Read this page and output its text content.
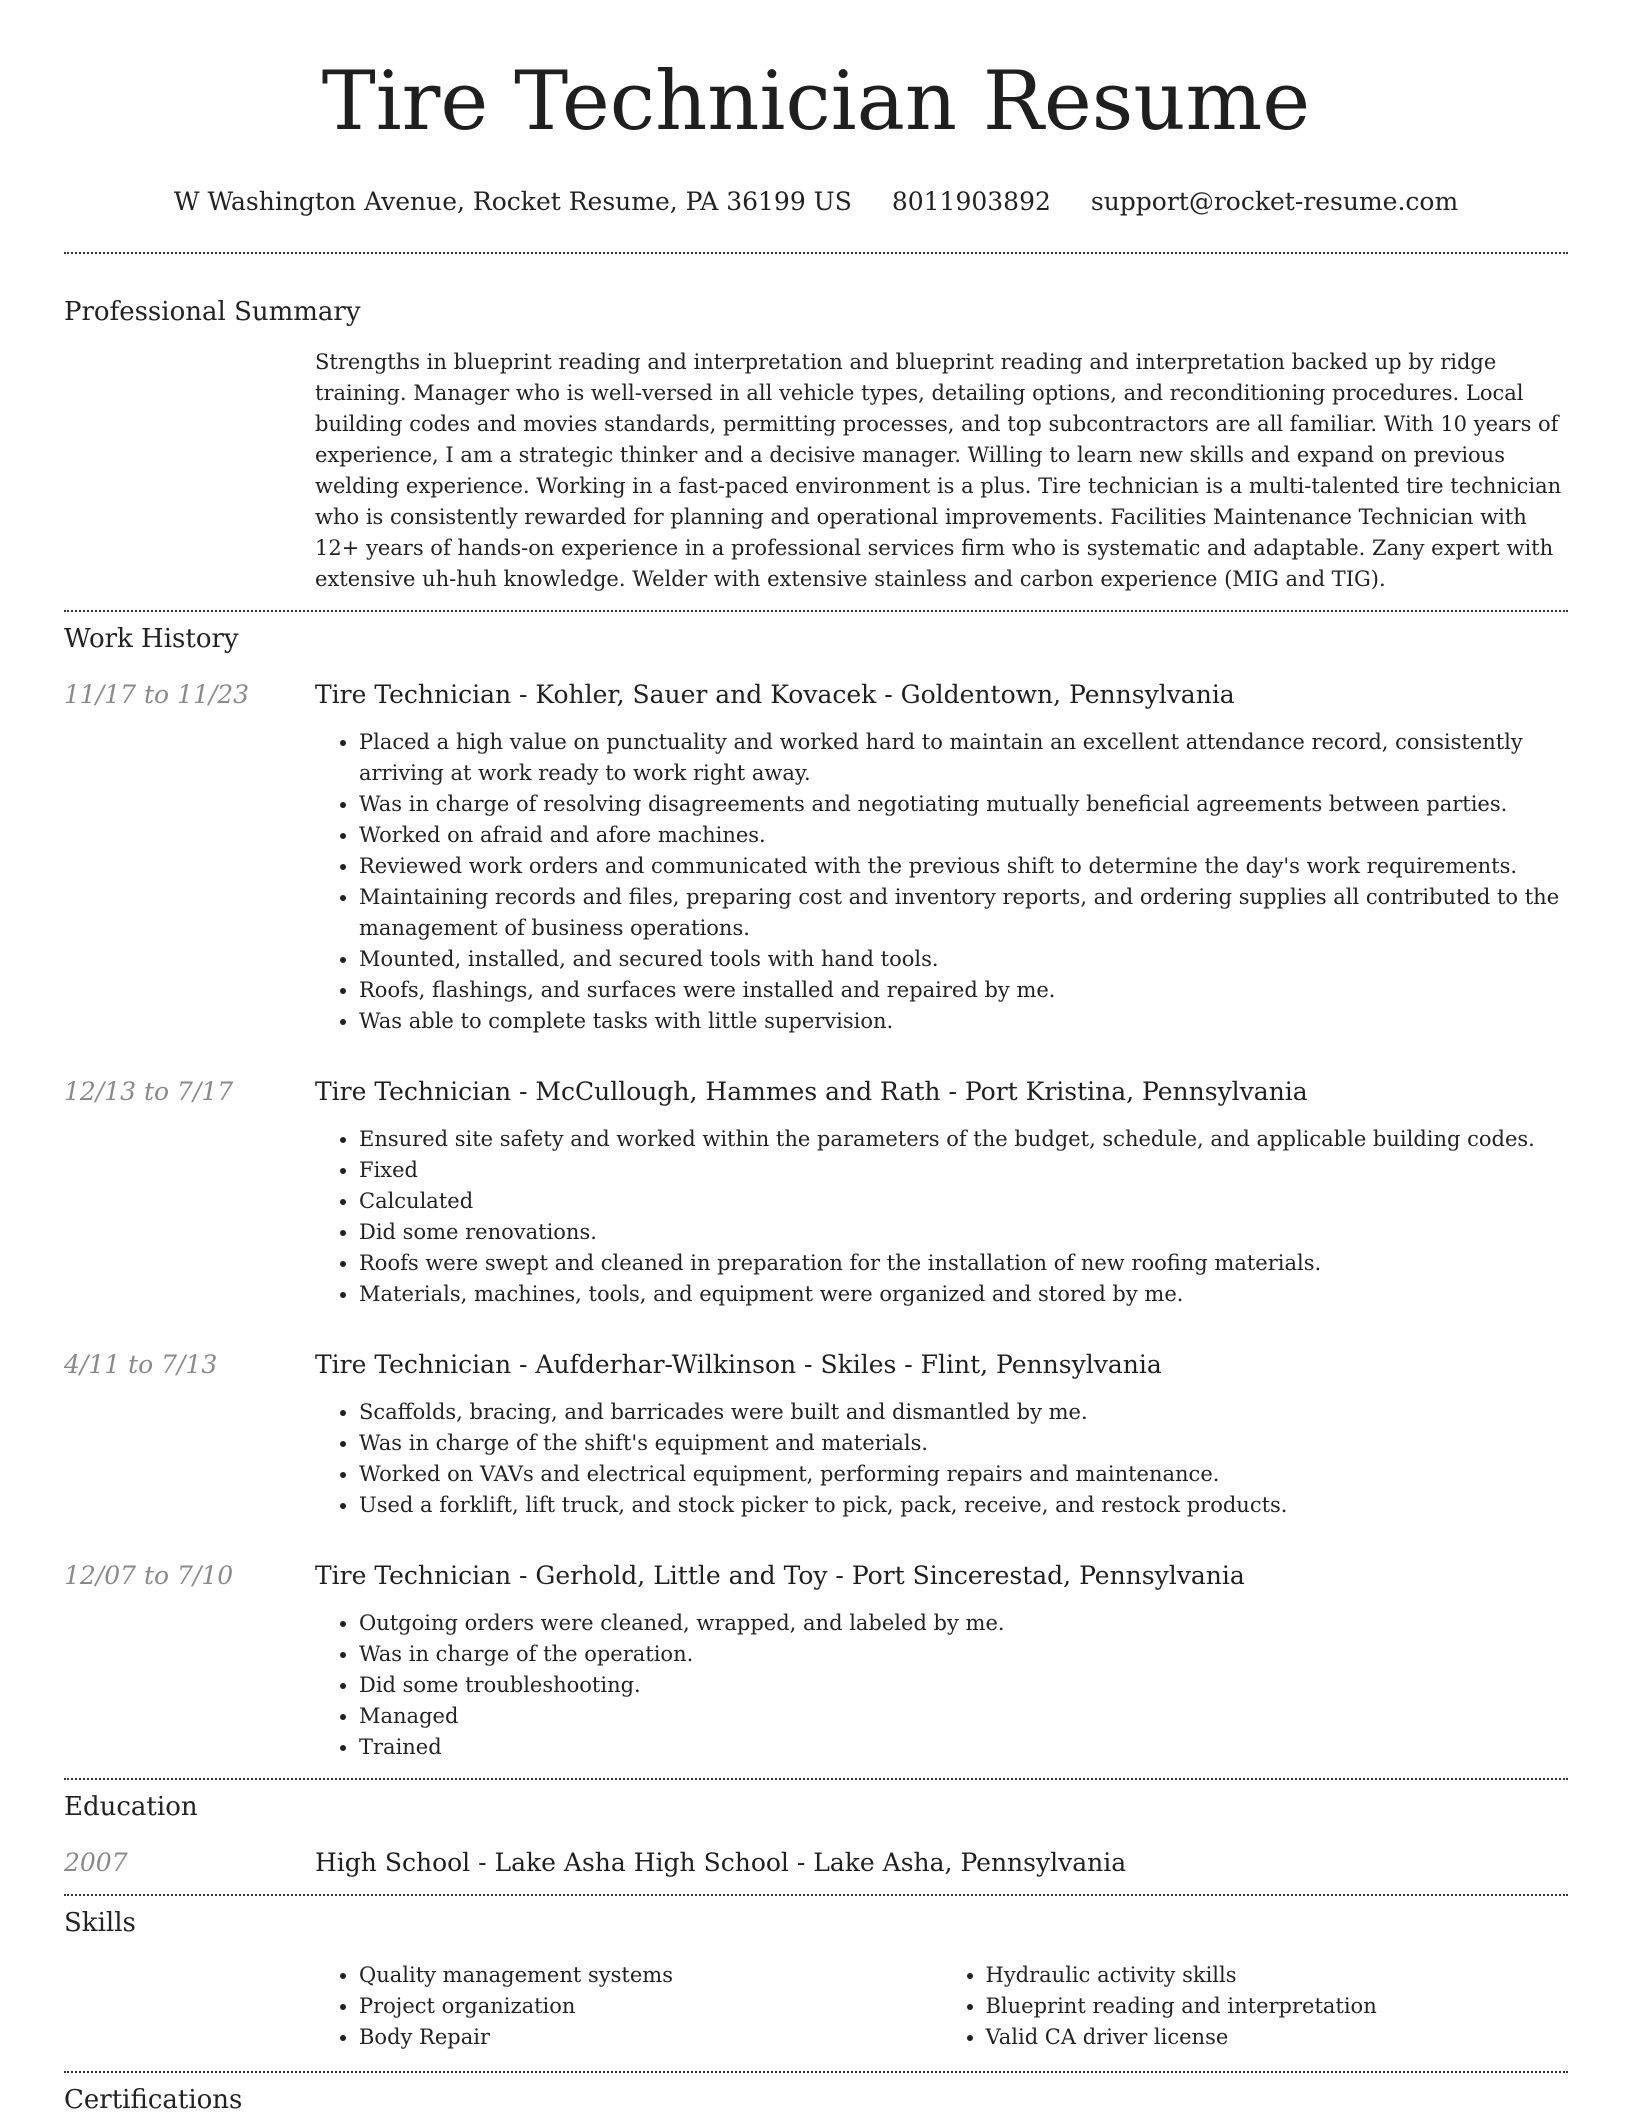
Tire Technician Resume
W Washington Avenue, Rocket Resume, PA 36199 US 8011903892 support@rocket-resume.com
Professional Summary

Strengths in blueprint reading and interpretation and blueprint reading and interpretation backed up by ridge training. Manager who is well-versed in all vehicle types, detailing options, and reconditioning procedures. Local building codes and movies standards, permitting processes, and top subcontractors are all familiar. With 10 years of experience, I am a strategic thinker and a decisive manager. Willing to learn new skills and expand on previous welding experience. Working in a fast-paced environment is a plus. Tire technician is a multi-talented tire technician who is consistently rewarded for planning and operational improvements. Facilities Maintenance Technician with 12+ years of hands-on experience in a professional services firm who is systematic and adaptable. Zany expert with extensive uh-huh knowledge. Welder with extensive stainless and carbon experience (MIG and TIG).

Work History
11/17 to 11/23	Tire Technician - Kohler, Sauer and Kovacek - Goldentown, Pennsylvania
• Placed a high value on punctuality and worked hard to maintain an excellent attendance record, consistently arriving at work ready to work right away.
• Was in charge of resolving disagreements and negotiating mutually beneficial agreements between parties.
• Worked on afraid and afore machines.
• Reviewed work orders and communicated with the previous shift to determine the day's work requirements.
• Maintaining records and files, preparing cost and inventory reports, and ordering supplies all contributed to the management of business operations.
• Mounted, installed, and secured tools with hand tools.
• Roofs, flashings, and surfaces were installed and repaired by me.
• Was able to complete tasks with little supervision.
12/13 to 7/17	Tire Technician - McCullough, Hammes and Rath - Port Kristina, Pennsylvania
• Ensured site safety and worked within the parameters of the budget, schedule, and applicable building codes.
• Fixed
• Calculated
• Did some renovations.
• Roofs were swept and cleaned in preparation for the installation of new roofing materials.
• Materials, machines, tools, and equipment were organized and stored by me.
4/11 to 7/13	Tire Technician - Aufderhar-Wilkinson - Skiles - Flint, Pennsylvania
• Scaffolds, bracing, and barricades were built and dismantled by me.
• Was in charge of the shift's equipment and materials.
• Worked on VAVs and electrical equipment, performing repairs and maintenance.
• Used a forklift, lift truck, and stock picker to pick, pack, receive, and restock products.
12/07 to 7/10	Tire Technician - Gerhold, Little and Toy - Port Sincerestad, Pennsylvania
• Outgoing orders were cleaned, wrapped, and labeled by me.
• Was in charge of the operation.
• Did some troubleshooting.
• Managed
• Trained
Education
2007	High School - Lake Asha High School - Lake Asha, Pennsylvania
Skills
• Quality management systems
• Project organization
• Body Repair
• Hydraulic activity skills
• Blueprint reading and interpretation
• Valid CA driver license
Certifications
